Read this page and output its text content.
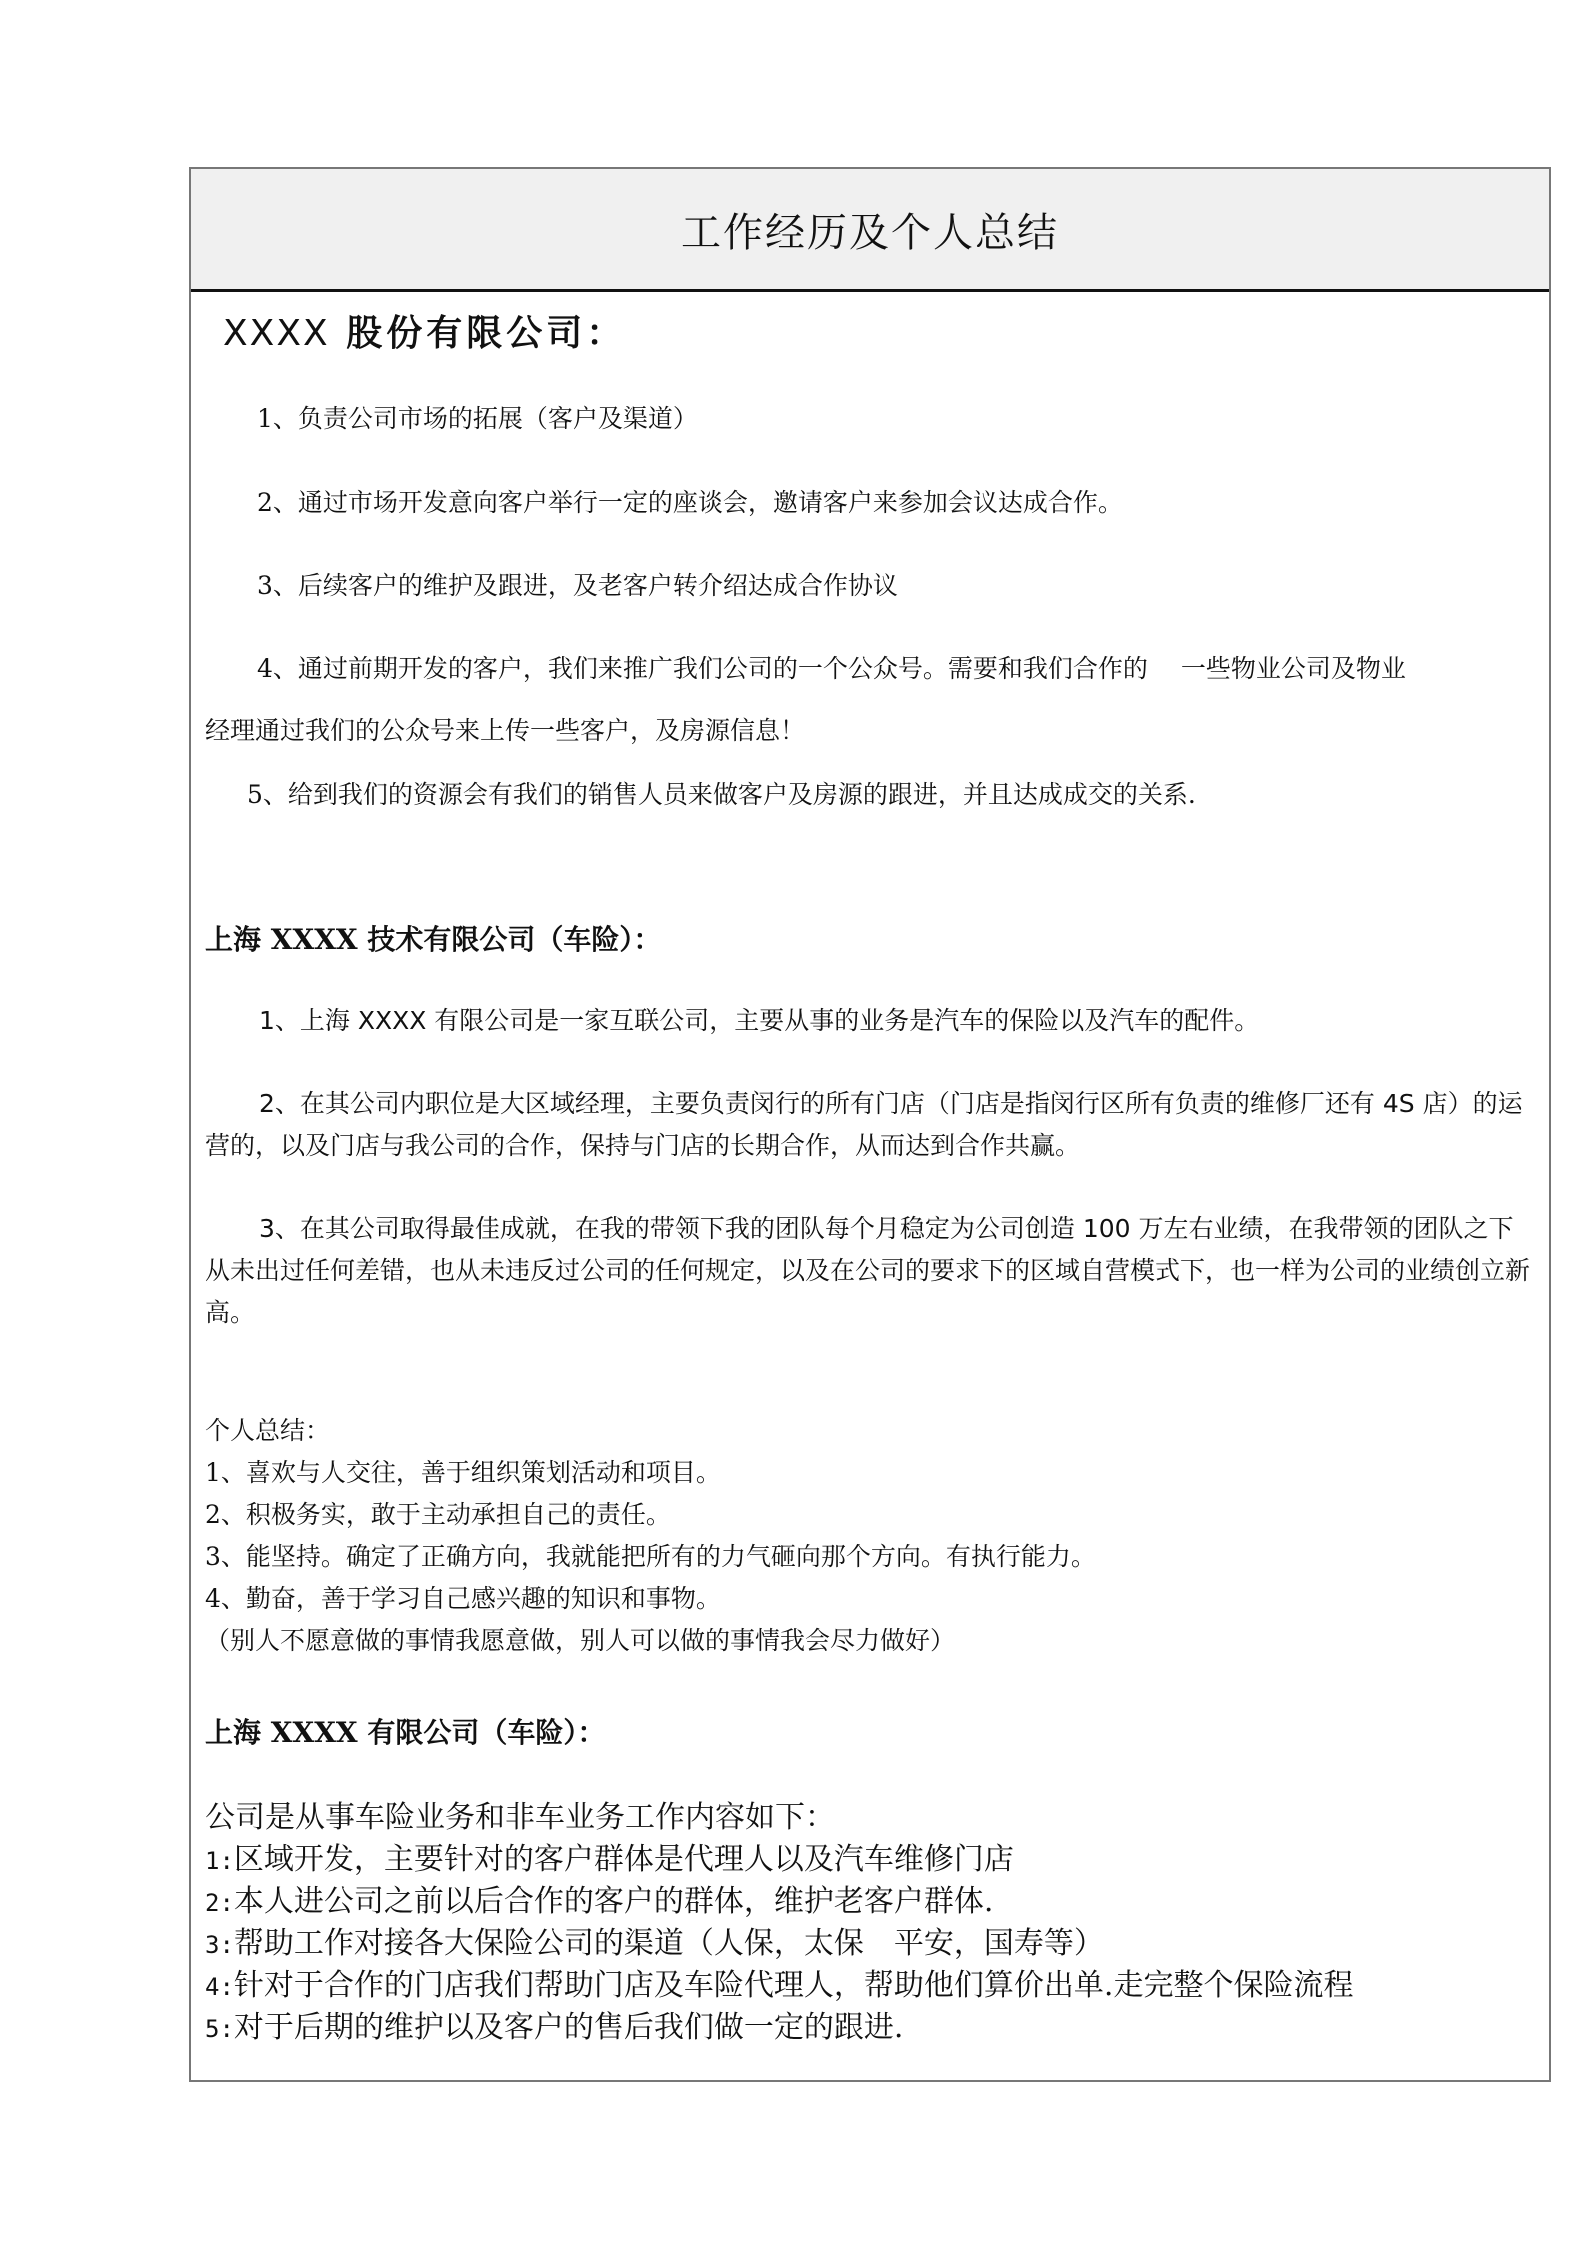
工作经历及个人总结
XXXX 股份有限公司：
1、负责公司市场的拓展（客户及渠道）
2、通过市场开发意向客户举行一定的座谈会，邀请客户来参加会议达成合作。
3、后续客户的维护及跟进，及老客户转介绍达成合作协议
4、通过前期开发的客户，我们来推广我们公司的一个公众号。需要和我们合作的　 一些物业公司及物业
经理通过我们的公众号来上传一些客户，及房源信息！
5、给到我们的资源会有我们的销售人员来做客户及房源的跟进，并且达成成交的关系.
上海 XXXX 技术有限公司（车险）：
1、上海 XXXX 有限公司是一家互联公司，主要从事的业务是汽车的保险以及汽车的配件。
2、在其公司内职位是大区域经理，主要负责闵行的所有门店（门店是指闵行区所有负责的维修厂还有 4S 店）的运营的，以及门店与我公司的合作，保持与门店的长期合作，从而达到合作共赢。
3、在其公司取得最佳成就，在我的带领下我的团队每个月稳定为公司创造 100 万左右业绩，在我带领的团队之下 从未出过任何差错，也从未违反过公司的任何规定，以及在公司的要求下的区域自营模式下，也一样为公司的业绩创立新高。
个人总结：
1、喜欢与人交往，善于组织策划活动和项目。
2、积极务实，敢于主动承担自己的责任。
3、能坚持。确定了正确方向，我就能把所有的力气砸向那个方向。有执行能力。
4、勤奋，善于学习自己感兴趣的知识和事物。
（别人不愿意做的事情我愿意做，别人可以做的事情我会尽力做好）
上海 XXXX 有限公司（车险）：
公司是从事车险业务和非车业务工作内容如下：
1:区域开发，主要针对的客户群体是代理人以及汽车维修门店
2:本人进公司之前以后合作的客户的群体，维护老客户群体.
3:帮助工作对接各大保险公司的渠道（人保，太保　平安，国寿等）
4:针对于合作的门店我们帮助门店及车险代理人，帮助他们算价出单.走完整个保险流程
5:对于后期的维护以及客户的售后我们做一定的跟进.
